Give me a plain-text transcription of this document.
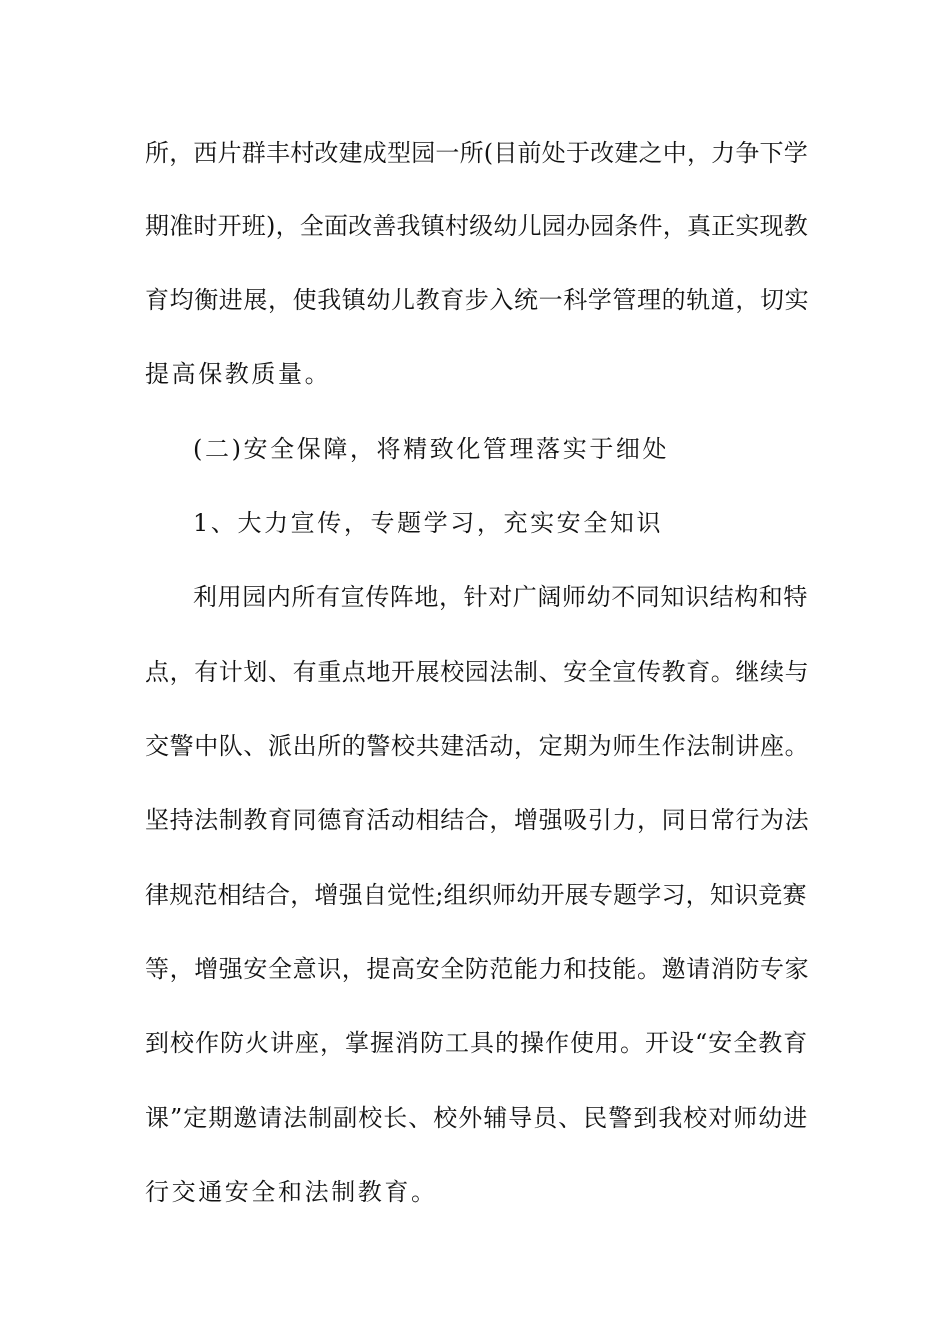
所，西片群丰村改建成型园一所(目前处于改建之中，力争下学
期准时开班)，全面改善我镇村级幼儿园办园条件，真正实现教
育均衡进展，使我镇幼儿教育步入统一科学管理的轨道，切实
提高保教质量。
(二)安全保障，将精致化管理落实于细处
1、大力宣传，专题学习，充实安全知识
利用园内所有宣传阵地，针对广阔师幼不同知识结构和特
点，有计划、有重点地开展校园法制、安全宣传教育。继续与
交警中队、派出所的警校共建活动，定期为师生作法制讲座。
坚持法制教育同德育活动相结合，增强吸引力，同日常行为法
律规范相结合，增强自觉性;组织师幼开展专题学习，知识竞赛
等，增强安全意识，提高安全防范能力和技能。邀请消防专家
到校作防火讲座，掌握消防工具的操作使用。开设“安全教育
课”定期邀请法制副校长、校外辅导员、民警到我校对师幼进
行交通安全和法制教育。
